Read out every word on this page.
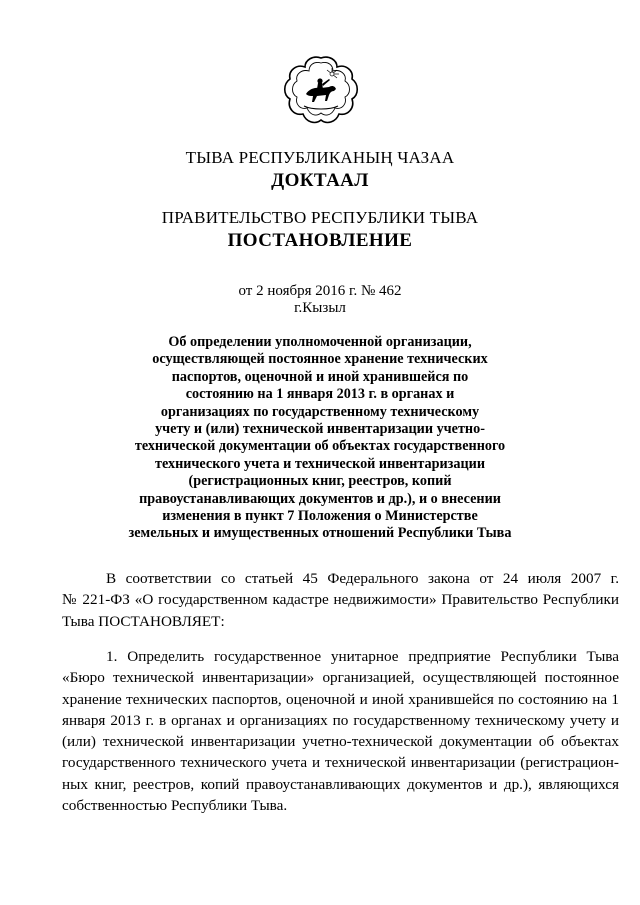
ТЫВА РЕСПУБЛИКАНЫҢ ЧАЗАА
ДОКТААЛ
ПРАВИТЕЛЬСТВО РЕСПУБЛИКИ ТЫВА
ПОСТАНОВЛЕНИЕ
от 2 ноября 2016 г. № 462
г.Кызыл
Об определении уполномоченной организации,
осуществляющей постоянное хранение технических
паспортов, оценочной и иной хранившейся по
состоянию на 1 января 2013 г. в органах и
организациях по государственному техническому
учету и (или) технической инвентаризации учетно-
технической документации об объектах государственного
технического учета и технической инвентаризации
(регистрационных книг, реестров, копий
правоустанавливающих документов и др.), и о внесении
изменения в пункт 7 Положения о Министерстве
земельных и имущественных отношений Республики Тыва
В соответствии со статьей 45 Федерального закона от 24 июля 2007 г.
№ 221-ФЗ «О государственном кадастре недвижимости» Правительство Республики
Тыва ПОСТАНОВЛЯЕТ:
1. Определить государственное унитарное предприятие Республики Тыва
«Бюро технической инвентаризации» организацией, осуществляющей постоянное
хранение технических паспортов, оценочной и иной хранившейся по состоянию на 1
января 2013 г. в органах и организациях по государственному техническому учету и
(или) технической инвентаризации учетно-технической документации об объектах
государственного технического учета и технической инвентаризации (регистрацион-
ных книг, реестров, копий правоустанавливающих документов и др.), являющихся
собственностью Республики Тыва.
